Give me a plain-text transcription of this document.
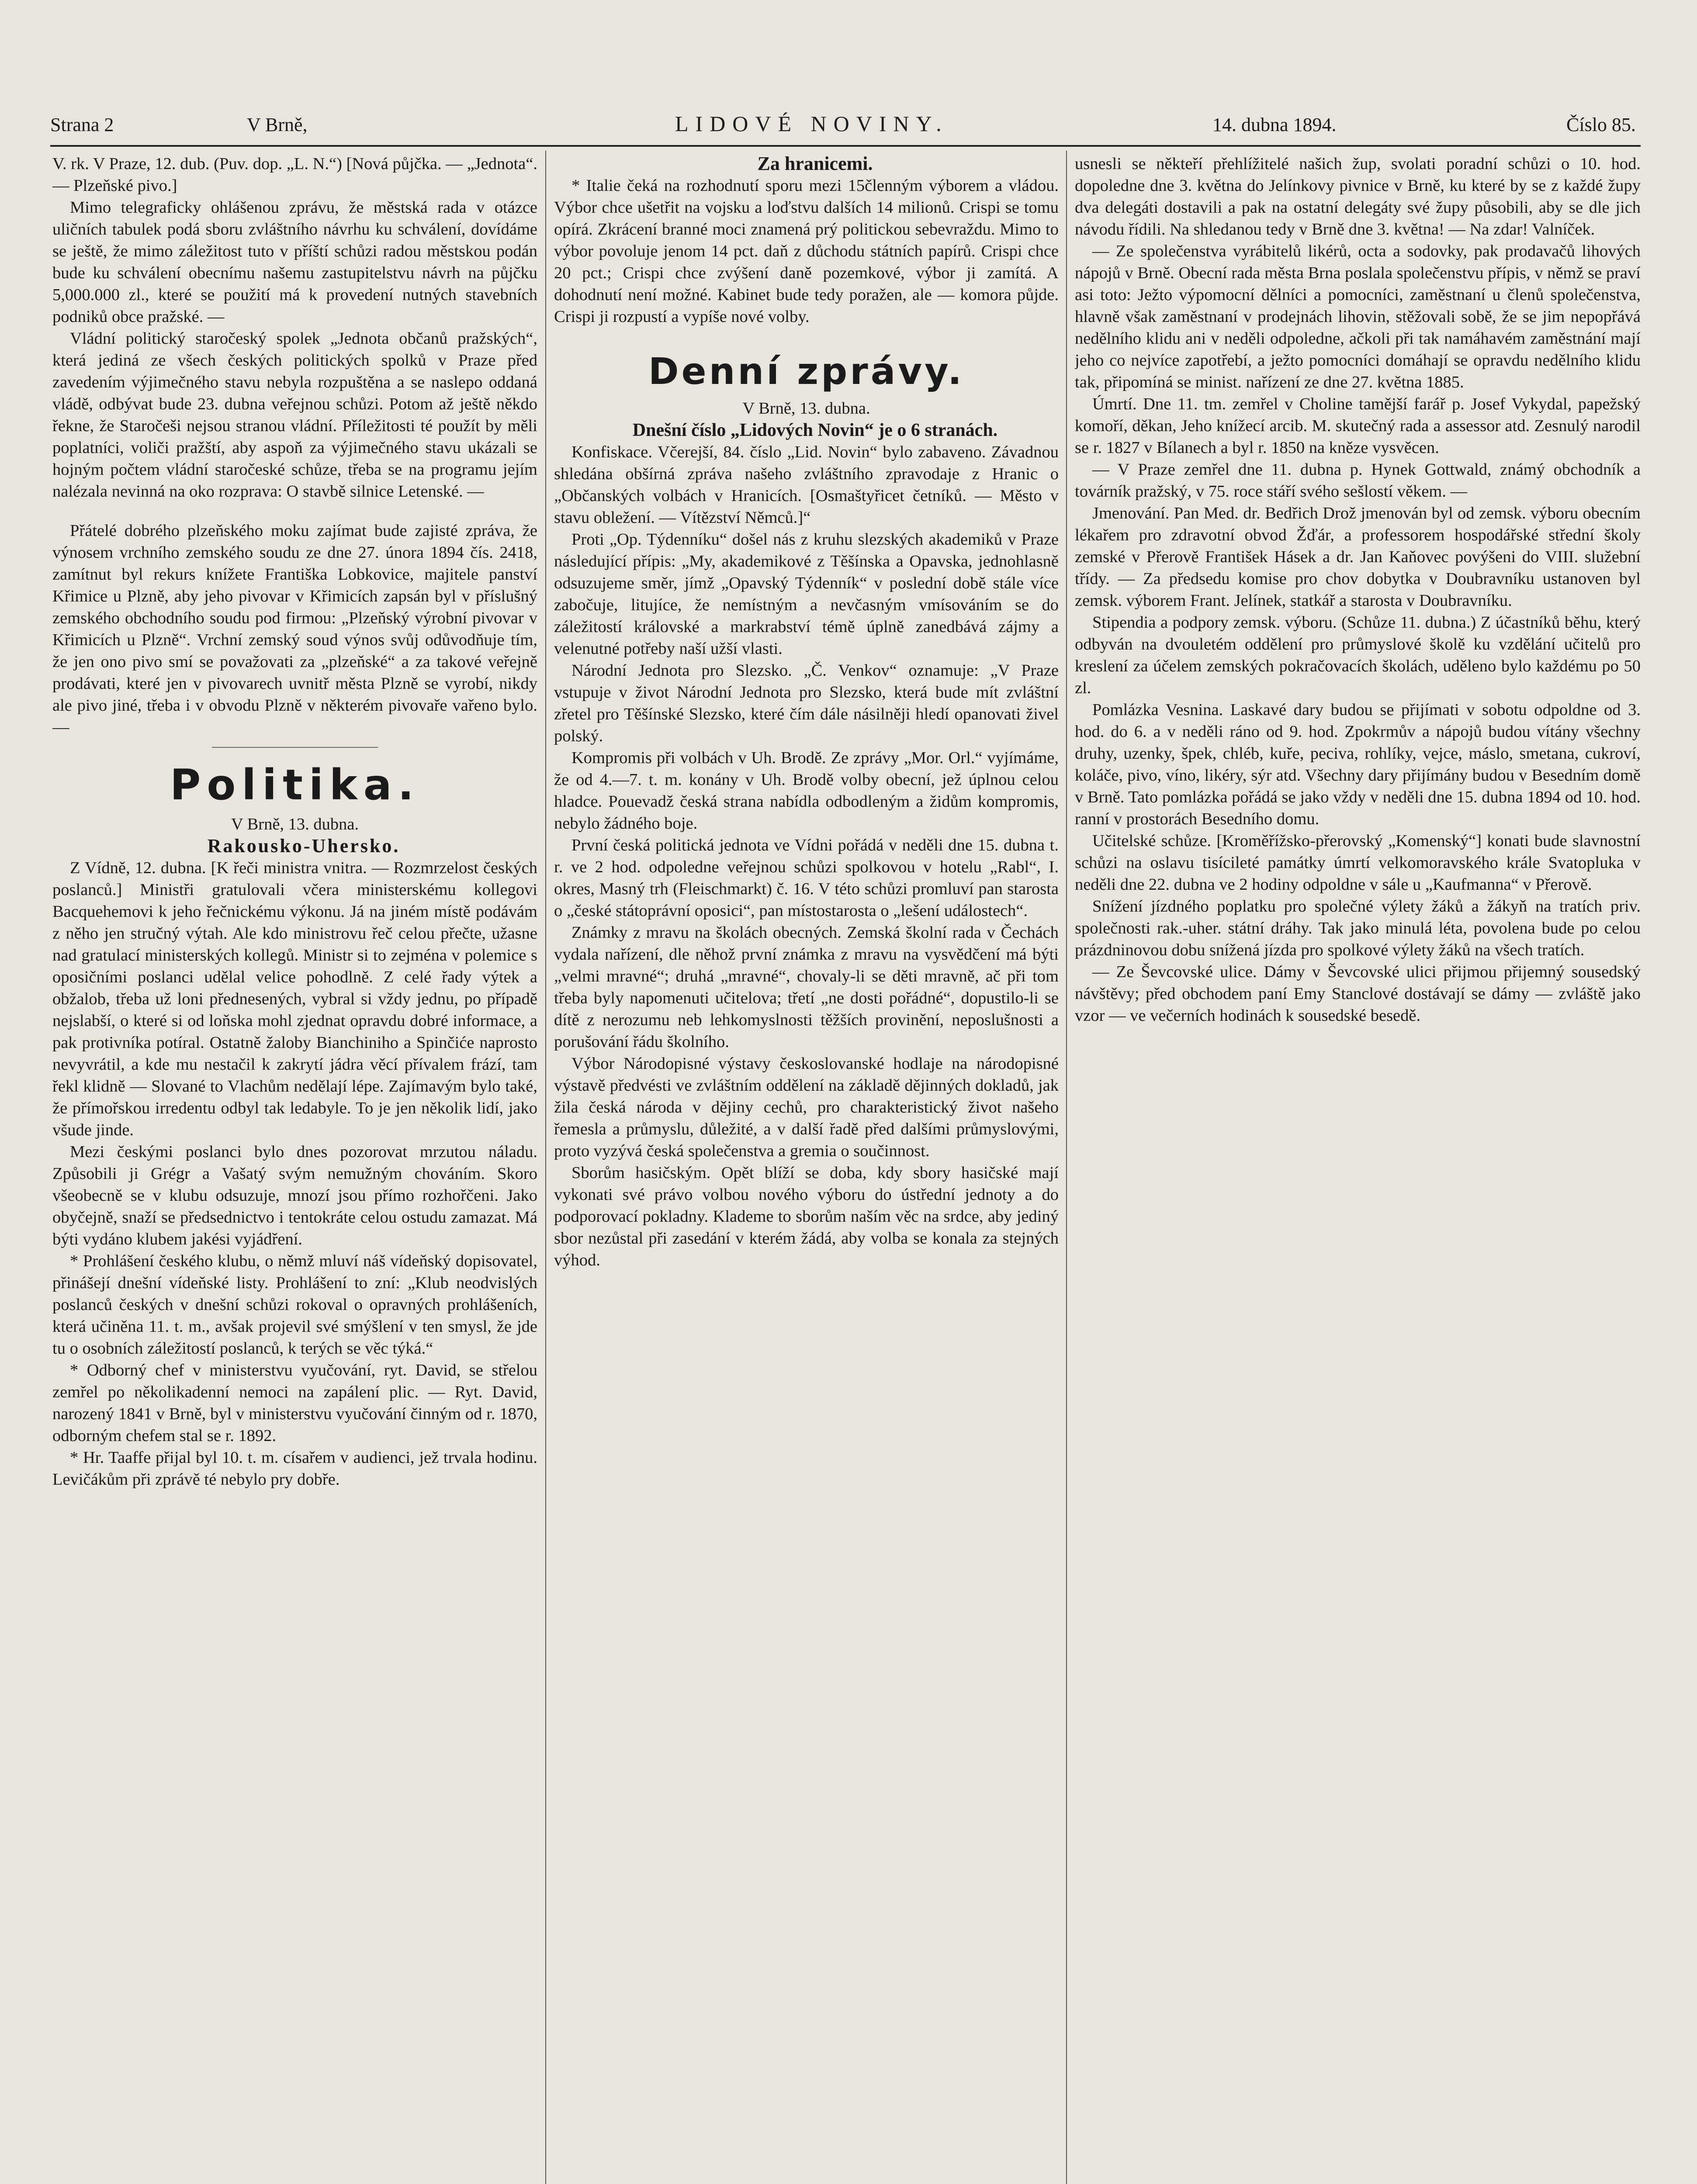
Strana 2	V Brně,	LIDOVÉ NOVINY.	14. dubna 1894.	Číslo 85.

V. rk. V Praze, 12. dub. (Puv. dop. „L. N.“) [Nová půjčka. — „Jednota“. — Plzeňské pivo.]

Mimo telegraficky ohlášenou zprávu, že městská rada v otázce uličních tabulek podá sboru zvláštního návrhu ku schválení, dovídáme se ještě, že mimo záležitost tuto v příští schůzi radou městskou podán bude ku schválení obecnímu našemu zastupitelstvu návrh na půjčku 5,000.000 zl., které se použití má k provedení nutných stavebních podniků obce pražské. —

Vládní politický staročeský spolek „Jednota občanů pražských“, která jediná ze všech českých politických spolků v Praze před zavedením výjimečného stavu nebyla rozpuštěna a se naslepo oddaná vládě, odbývat bude 23. dubna veřejnou schůzi. Potom až ještě někdo řekne, že Staročeši nejsou stranou vládní. Příležitosti té použít by měli poplatníci, voliči pražští, aby aspoň za výjimečného stavu ukázali se hojným počtem vládní staročeské schůze, třeba se na programu jejím nalézala nevinná na oko rozprava: O stavbě silnice Letenské. —

Přátelé dobrého plzeňského moku zajímat bude zajisté zpráva, že výnosem vrchního zemského soudu ze dne 27. února 1894 čís. 2418, zamítnut byl rekurs knížete Františka Lobkovice, majitele panství Křimice u Plzně, aby jeho pivovar v Křimicích zapsán byl v příslušný zemského obchodního soudu pod firmou: „Plzeňský výrobní pivovar v Křimicích u Plzně“. Vrchní zemský soud výnos svůj odůvodňuje tím, že jen ono pivo smí se považovati za „plzeňské“ a za takové veřejně prodávati, které jen v pivovarech uvnitř města Plzně se vyrobí, nikdy ale pivo jiné, třeba i v obvodu Plzně v některém pivovaře vařeno bylo. —

Politika.

V Brně, 13. dubna.

Rakousko-Uhersko.

Z Vídně, 12. dubna. [K řeči ministra vnitra. — Rozmrzelost českých poslanců.] Ministři gratulovali včera ministerskému kollegovi Bacquehemovi k jeho řečnickému výkonu. Já na jiném místě podávám z něho jen stručný výtah. Ale kdo ministrovu řeč celou přečte, užasne nad gratulací ministerských kollegů. Ministr si to zejména v polemice s oposičními poslanci udělal velice pohodlně. Z celé řady výtek a obžalob, třeba už loni přednesených, vybral si vždy jednu, po případě nejslabší, o které si od loňska mohl zjednat opravdu dobré informace, a pak protivníka potíral. Ostatně žaloby Bianchiniho a Spinčiće naprosto nevyvrátil, a kde mu nestačil k zakrytí jádra věcí přívalem frází, tam řekl klidně — Slované to Vlachům nedělají lépe. Zajímavým bylo také, že přímořskou irredentu odbyl tak ledabyle. To je jen několik lidí, jako všude jinde.

Mezi českými poslanci bylo dnes pozorovat mrzutou náladu. Způsobili ji Grégr a Vašatý svým nemužným chováním. Skoro všeobecně se v klubu odsuzuje, mnozí jsou přímo rozhořčeni. Jako obyčejně, snaží se předsednictvo i tentokráte celou ostudu zamazat. Má býti vydáno klubem jakési vyjádření.

* Prohlášení českého klubu, o němž mluví náš vídeňský dopisovatel, přinášejí dnešní vídeňské listy. Prohlášení to zní: „Klub neodvislých poslanců českých v dnešní schůzi rokoval o opravných prohlášeních, která učiněna 11. t. m., avšak projevil své smýšlení v ten smysl, že jde tu o osobních záležitostí poslanců, k terých se věc týká.“

* Odborný chef v ministerstvu vyučování, ryt. David, se střelou zemřel po několikadenní nemoci na zapálení plic. — Ryt. David, narozený 1841 v Brně, byl v ministerstvu vyučování činným od r. 1870, odborným chefem stal se r. 1892.

* Hr. Taaffe přijal byl 10. t. m. císařem v audienci, jež trvala hodinu. Levičákům při zprávě té nebylo pry dobře.

Za hranicemi.

* Italie čeká na rozhodnutí sporu mezi 15členným výborem a vládou. Výbor chce ušetřit na vojsku a loďstvu dalších 14 milionů. Crispi se tomu opírá. Zkrácení branné moci znamená prý politickou sebevraždu. Mimo to výbor povoluje jenom 14 pct. daň z důchodu státních papírů. Crispi chce 20 pct.; Crispi chce zvýšení daně pozemkové, výbor ji zamítá. A dohodnutí není možné. Kabinet bude tedy poražen, ale — komora půjde. Crispi ji rozpustí a vypíše nové volby.

Denní zprávy.

V Brně, 13. dubna.

Dnešní číslo „Lidových Novin“ je o 6 stranách.

Konfiskace. Včerejší, 84. číslo „Lid. Novin“ bylo zabaveno. Závadnou shledána obšírná zpráva našeho zvláštního zpravodaje z Hranic o „Občanských volbách v Hranicích. [Osmaštyřicet četníků. — Město v stavu obležení. — Vítězství Němců.]“

Proti „Op. Týdenníku“ došel nás z kruhu slezských akademiků v Praze následující přípis: „My, akademikové z Těšínska a Opavska, jednohlasně odsuzujeme směr, jímž „Opavský Týdenník“ v poslední době stále více zabočuje, litujíce, že nemístným a nevčasným vmísováním se do záležitostí královské a markrabství témě úplně zanedbává zájmy a velenutné potřeby naší užší vlasti.

Národní Jednota pro Slezsko. „Č. Venkov“ oznamuje: „V Praze vstupuje v život Národní Jednota pro Slezsko, která bude mít zvláštní zřetel pro Těšínské Slezsko, které čím dále násilněji hledí opanovati živel polský.

Kompromis při volbách v Uh. Brodě. Ze zprávy „Mor. Orl.“ vyjímáme, že od 4.—7. t. m. konány v Uh. Brodě volby obecní, jež úplnou celou hladce. Pouevadž česká strana nabídla odbodleným a židům kompromis, nebylo žádného boje.

První česká politická jednota ve Vídni pořádá v neděli dne 15. dubna t. r. ve 2 hod. odpoledne veřejnou schůzi spolkovou v hotelu „Rabl“, I. okres, Masný trh (Fleischmarkt) č. 16. V této schůzi promluví pan starosta o „české státoprávní oposici“, pan místostarosta o „lešení událostech“.

Známky z mravu na školách obecných. Zemská školní rada v Čechách vydala nařízení, dle něhož první známka z mravu na vysvědčení má býti „velmi mravné“; druhá „mravné“, chovaly-li se děti mravně, ač při tom třeba byly napomenuti učitelova; třetí „ne dosti pořádné“, dopustilo-li se dítě z nerozumu neb lehkomyslnosti těžších provinění, neposlušnosti a porušování řádu školního.

Výbor Národopisné výstavy českoslovanské hodlaje na národopisné výstavě předvésti ve zvláštním oddělení na základě dějinných dokladů, jak žila česká národa v dějiny cechů, pro charakteristický život našeho řemesla a průmyslu, důležité, a v další řadě před dalšími průmyslovými, proto vyzývá česká společenstva a gremia o součinnost.

Sborům hasičským. Opět blíží se doba, kdy sbory hasičské mají vykonati své právo volbou nového výboru do ústřední jednoty a do podporovací pokladny. Klademe to sborům naším věc na srdce, aby jediný sbor nezůstal při zasedání v kterém žádá, aby volba se konala za stejných výhod.

usnesli se někteří přehlížitelé našich žup, svolati poradní schůzi o 10. hod. dopoledne dne 3. května do Jelínkovy pivnice v Brně, ku které by se z každé župy dva delegáti dostavili a pak na ostatní delegáty své župy působili, aby se dle jich návodu řídili. Na shledanou tedy v Brně dne 3. května! — Na zdar! Valníček.

— Ze společenstva vyrábitelů likérů, octa a sodovky, pak prodavačů lihových nápojů v Brně. Obecní rada města Brna poslala společenstvu přípis, v němž se praví asi toto: Ježto výpomocní dělníci a pomocníci, zaměstnaní u členů společenstva, hlavně však zaměstnaní v prodejnách lihovin, stěžovali sobě, že se jim nepopřává nedělního klidu ani v neděli odpoledne, ačkoli při tak namáhavém zaměstnání mají jeho co nejvíce zapotřebí, a ježto pomocníci domáhají se opravdu nedělního klidu tak, připomíná se minist. nařízení ze dne 27. května 1885.

Úmrtí. Dne 11. tm. zemřel v Choline tamější farář p. Josef Vykydal, papežský komoří, děkan, Jeho knížecí arcib. M. skutečný rada a assessor atd. Zesnulý narodil se r. 1827 v Bílanech a byl r. 1850 na kněze vysvěcen.

— V Praze zemřel dne 11. dubna p. Hynek Gottwald, známý obchodník a továrník pražský, v 75. roce stáří svého sešlostí věkem. —

Jmenování. Pan Med. dr. Bedřich Drož jmenován byl od zemsk. výboru obecním lékařem pro zdravotní obvod Žďár, a professorem hospodářské střední školy zemské v Přerově František Hásek a dr. Jan Kaňovec povýšeni do VIII. služební třídy. — Za předsedu komise pro chov dobytka v Doubravníku ustanoven byl zemsk. výborem Frant. Jelínek, statkář a starosta v Doubravníku.

Stipendia a podpory zemsk. výboru. (Schůze 11. dubna.) Z účastníků běhu, který odbyván na dvouletém oddělení pro průmyslové školě ku vzdělání učitelů pro kreslení za účelem zemských pokračovacích školách, uděleno bylo každému po 50 zl.

Pomlázka Vesnina. Laskavé dary budou se přijímati v sobotu odpoldne od 3. hod. do 6. a v neděli ráno od 9. hod. Zpokrmův a nápojů budou vítány všechny druhy, uzenky, špek, chléb, kuře, peciva, rohlíky, vejce, máslo, smetana, cukroví, koláče, pivo, víno, likéry, sýr atd. Všechny dary přijímány budou v Besedním domě v Brně. Tato pomlázka pořádá se jako vždy v neděli dne 15. dubna 1894 od 10. hod. ranní v prostorách Besedního domu.

Učitelské schůze. [Kroměřížsko-přerovský „Komenský“] konati bude slavnostní schůzi na oslavu tisícileté památky úmrtí velkomoravského krále Svatopluka v neděli dne 22. dubna ve 2 hodiny odpoldne v sále u „Kaufmanna“ v Přerově.

Snížení jízdného poplatku pro společné výlety žáků a žákyň na tratích priv. společnosti rak.-uher. státní dráhy. Tak jako minulá léta, povolena bude po celou prázdninovou dobu snížená jízda pro spolkové výlety žáků na všech tratích.

— Ze Ševcovské ulice. Dámy v Ševcovské ulici přijmou přijemný sousedský návštěvy; před obchodem paní Emy Stanclové dostávají se dámy — zvláště jako vzor — ve večerních hodinách k sousedské besedě.
